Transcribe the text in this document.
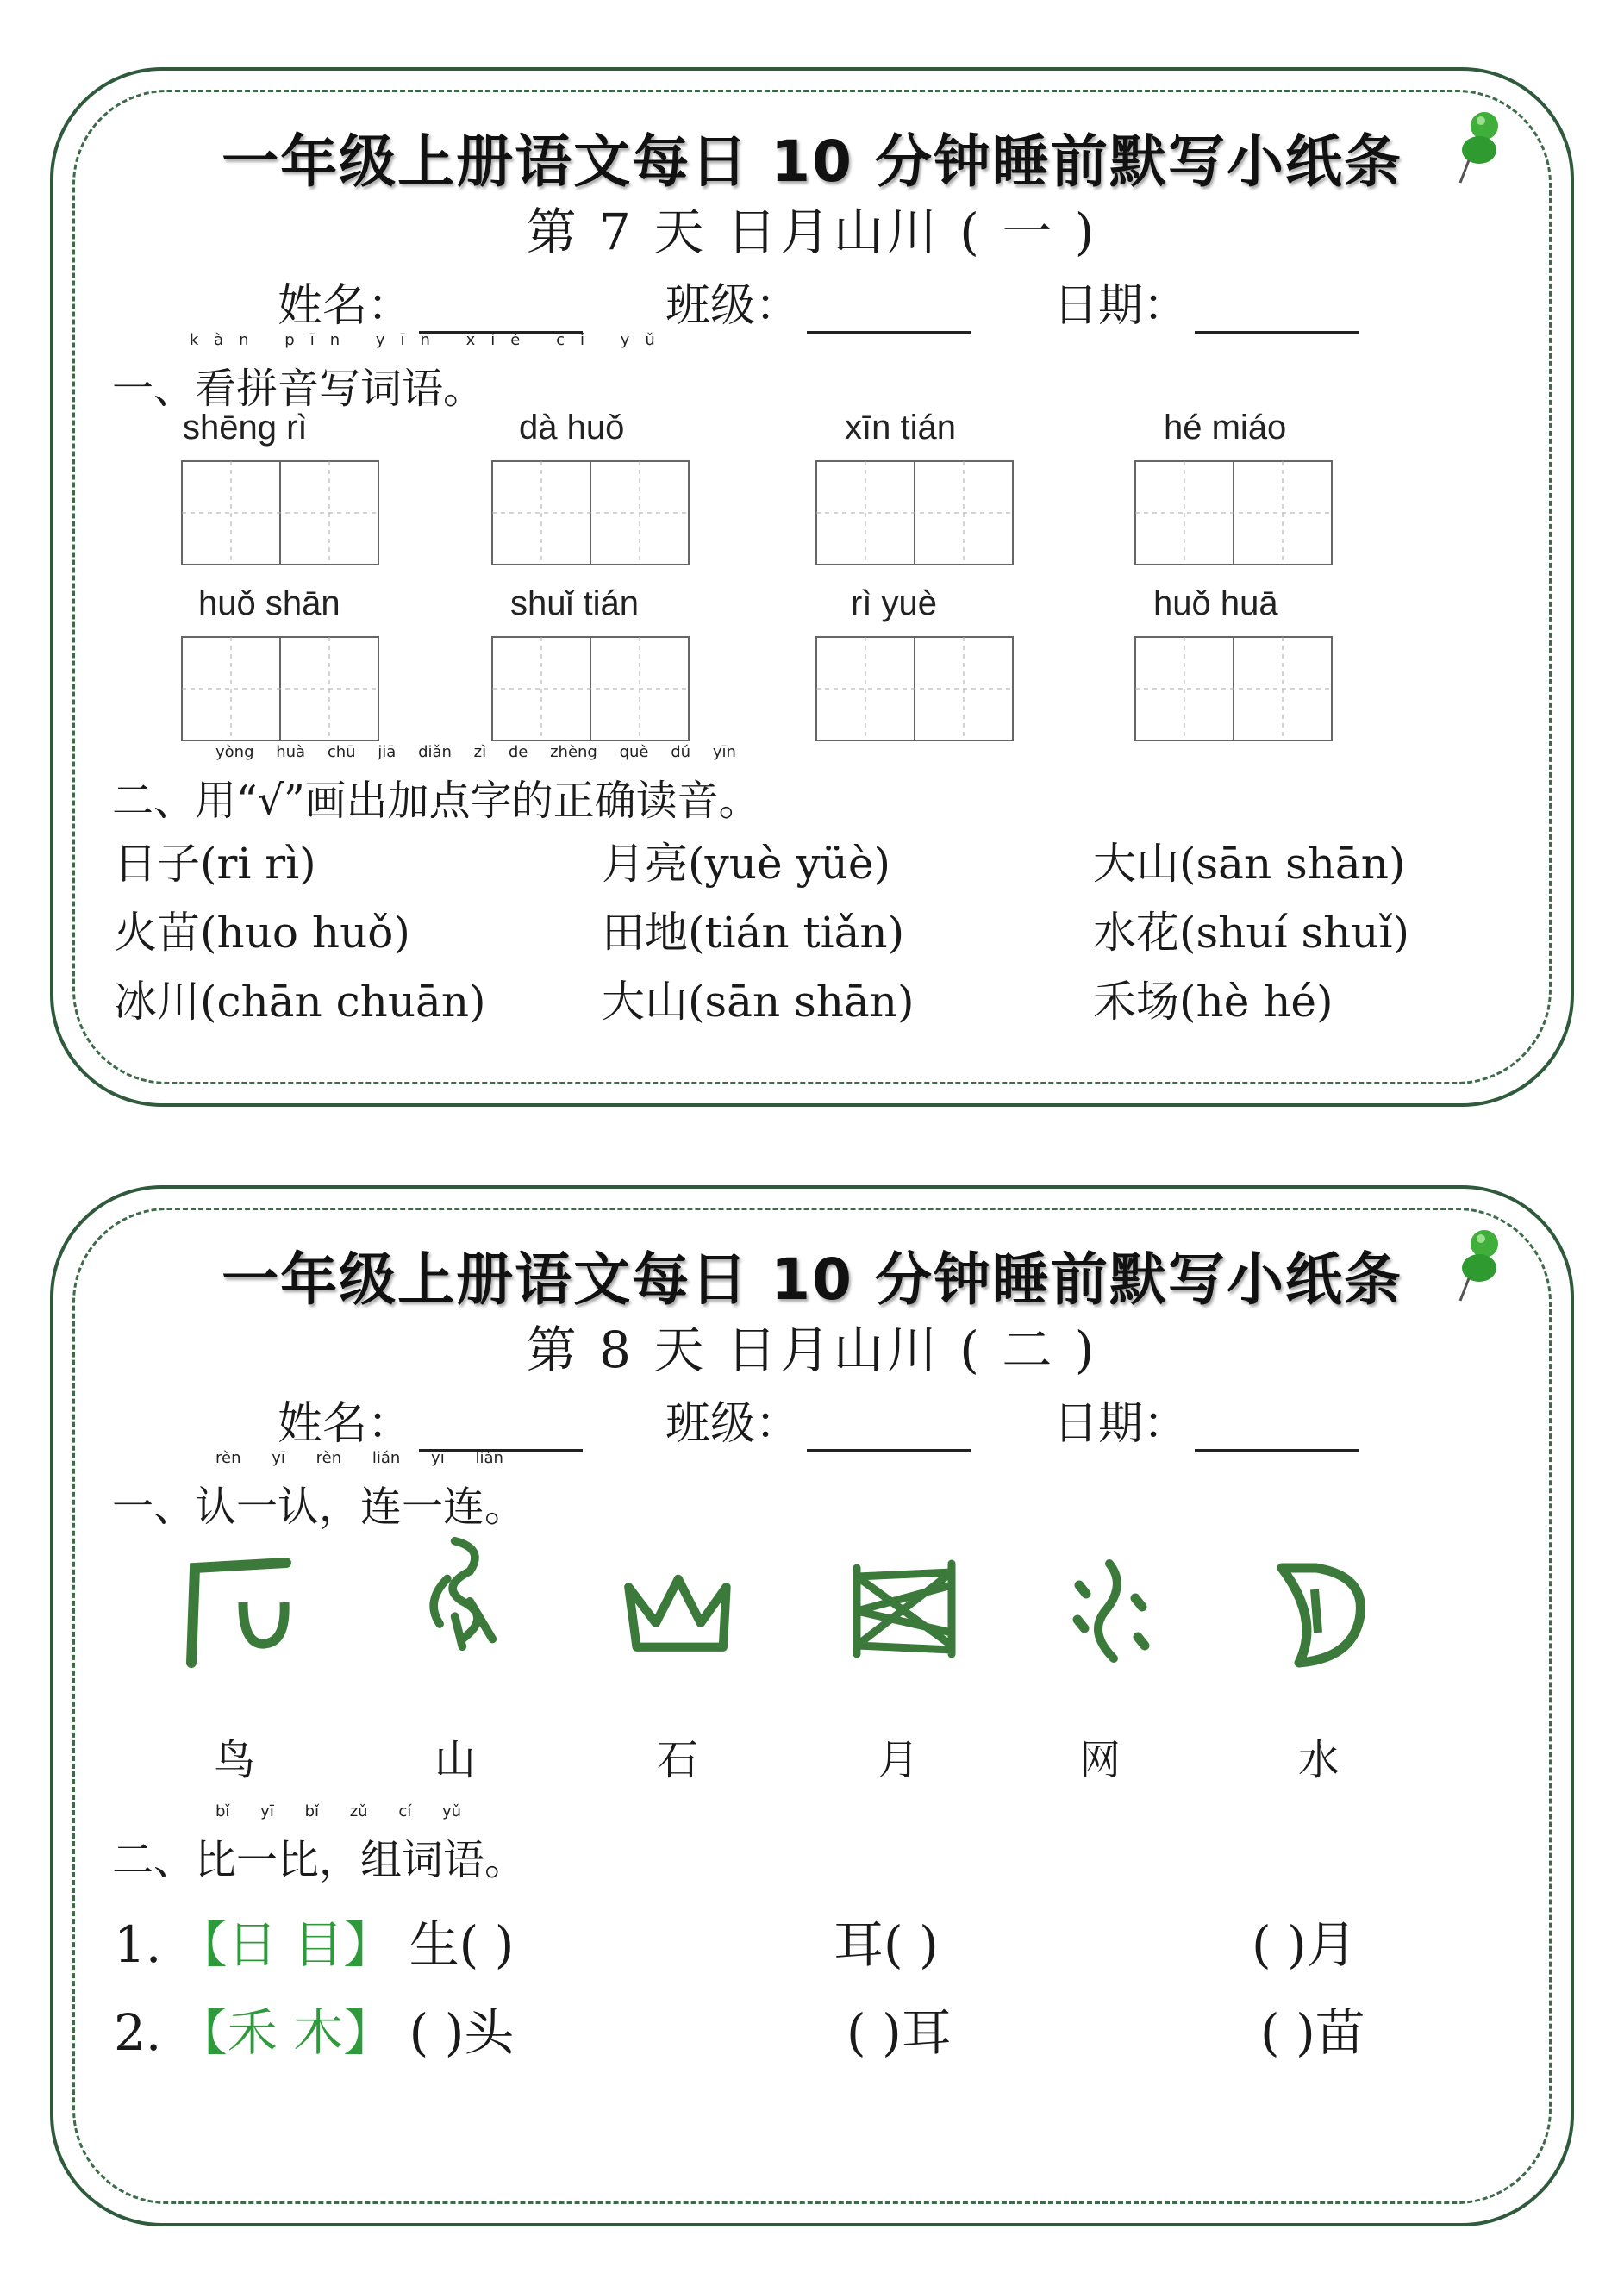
一年级上册语文每日 10 分钟睡前默写小纸条
第 7 天 日月山川 ( 一 )
姓名：	班级：	日期：
一、看拼音写词语。
kàn pīn yīn xiě cí yǔ
shēng rì	dà huǒ	xīn tián	hé miáo
huǒ shān	shuǐ tián	rì yuè	huǒ huā
二、用“√”画出加点字的正确读音。
yòng huà chū jiā diǎn zì de zhèng què dú yīn
日子(ri rì)	月亮(yuè yüè)	大山(sān shān)
火苗(huo huǒ)	田地(tián tiǎn)	水花(shuí shuǐ)
冰川(chān chuān)	大山(sān shān)	禾场(hè hé)
一年级上册语文每日 10 分钟睡前默写小纸条
第 8 天 日月山川 ( 二 )
姓名：	班级：	日期：
一、认一认，连一连。
rèn yī rèn lián yī lián
鸟	山	石	月	网	水
二、比一比，组词语。
bǐ yī bǐ zǔ cí yǔ
1. 【日 目】 生( )	耳( )	( )月
2. 【禾 木】 ( )头	( )耳	( )苗
